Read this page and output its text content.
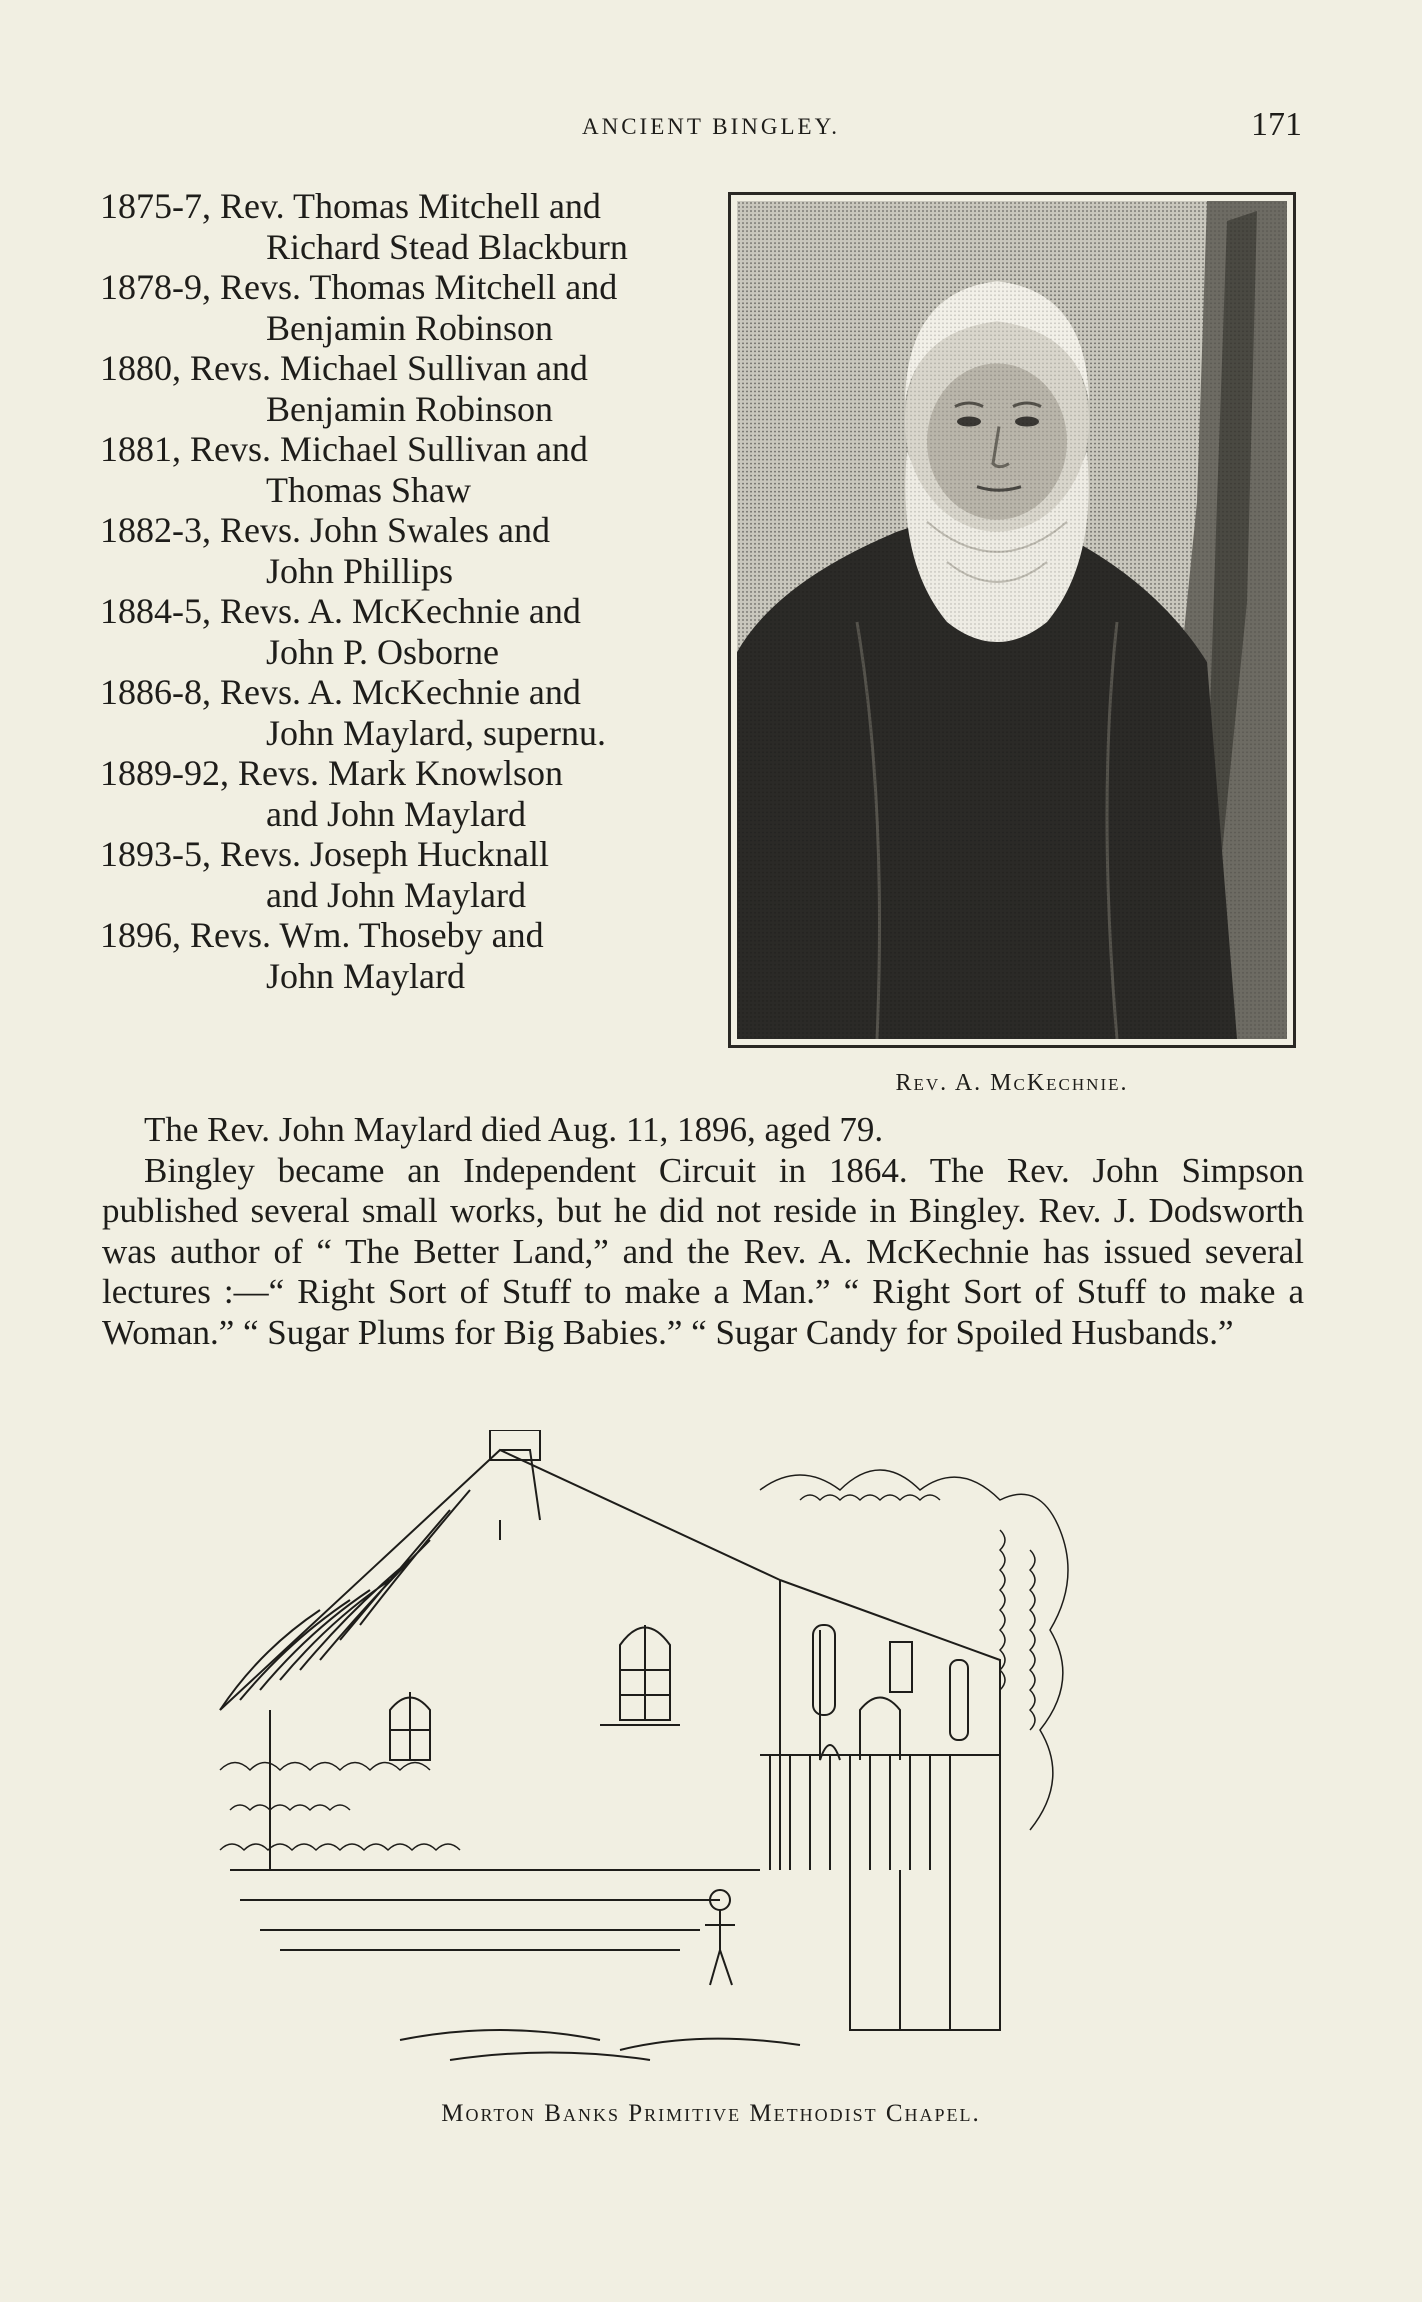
ANCIENT BINGLEY.	171
1875-7, Rev. Thomas Mitchell and
Richard Stead Blackburn
1878-9, Revs. Thomas Mitchell and
Benjamin Robinson
1880, Revs. Michael Sullivan and
Benjamin Robinson
1881, Revs. Michael Sullivan and
Thomas Shaw
1882-3, Revs. John Swales and
John Phillips
1884-5, Revs. A. McKechnie and
John P. Osborne
1886-8, Revs. A. McKechnie and
John Maylard, supernu.
1889-92, Revs. Mark Knowlson
and John Maylard
1893-5, Revs. Joseph Hucknall
and John Maylard
1896, Revs. Wm. Thoseby and
John Maylard
Rev. A. McKechnie.

The Rev. John Maylard died Aug. 11, 1896, aged 79.

Bingley became an Independent Circuit in 1864. The Rev. John Simpson published several small works, but he did not reside in Bingley. Rev. J. Dodsworth was author of “ The Better Land,” and the Rev. A. McKechnie has issued several lectures :—“ Right Sort of Stuff to make a Man.” “ Right Sort of Stuff to make a Woman.” “ Sugar Plums for Big Babies.” “ Sugar Candy for Spoiled Husbands.”

Morton Banks Primitive Methodist Chapel.
